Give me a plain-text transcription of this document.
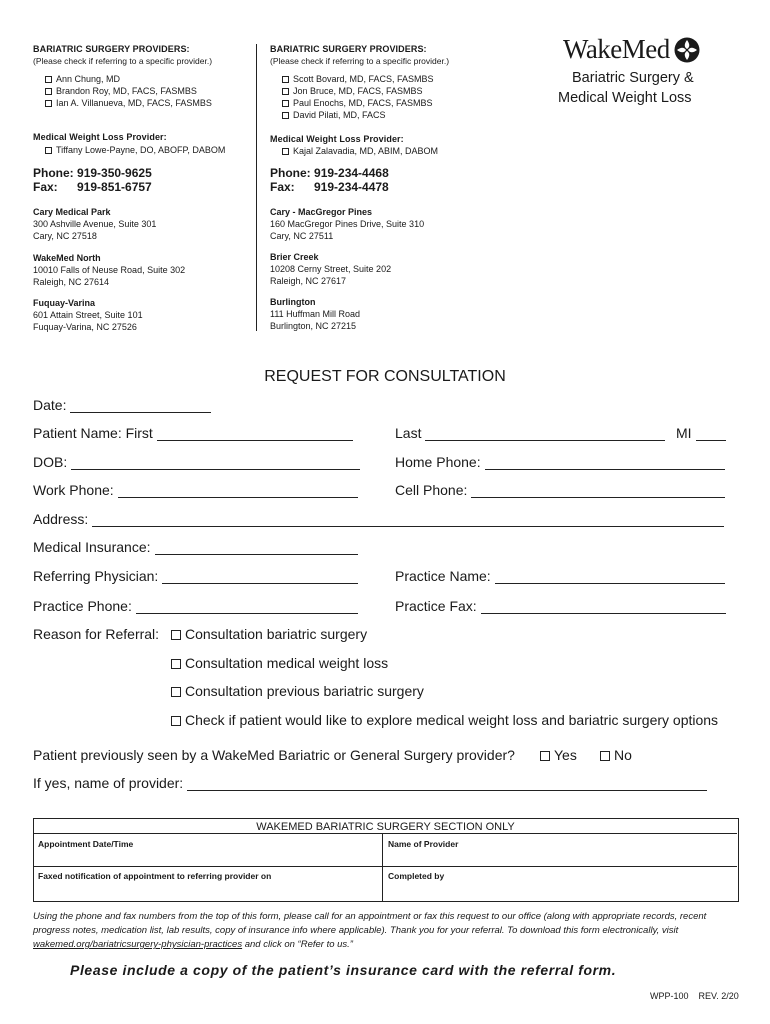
BARIATRIC SURGERY PROVIDERS:
(Please check if referring to a specific provider.)
Ann Chung, MD
Brandon Roy, MD, FACS, FASMBS
Ian A. Villanueva, MD, FACS, FASMBS
Medical Weight Loss Provider:
Tiffany Lowe-Payne, DO, ABOFP, DABOM
Phone: 919-350-9625
Fax: 919-851-6757
Cary Medical Park
300 Ashville Avenue, Suite 301
Cary, NC 27518
WakeMed North
10010 Falls of Neuse Road, Suite 302
Raleigh, NC 27614
Fuquay-Varina
601 Attain Street, Suite 101
Fuquay-Varina, NC 27526
BARIATRIC SURGERY PROVIDERS:
(Please check if referring to a specific provider.)
Scott Bovard, MD, FACS, FASMBS
Jon Bruce, MD, FACS, FASMBS
Paul Enochs, MD, FACS, FASMBS
David Pilati, MD, FACS
Medical Weight Loss Provider:
Kajal Zalavadia, MD, ABIM, DABOM
Phone: 919-234-4468
Fax: 919-234-4478
Cary - MacGregor Pines
160 MacGregor Pines Drive, Suite 310
Cary, NC 27511
Brier Creek
10208 Cerny Street, Suite 202
Raleigh, NC 27617
Burlington
111 Huffman Mill Road
Burlington, NC 27215
WakeMed
Bariatric Surgery &
Medical Weight Loss
REQUEST FOR CONSULTATION
Date:
Patient Name: First	Last	MI
DOB:	Home Phone:
Work Phone:	Cell Phone:
Address:
Medical Insurance:
Referring Physician:	Practice Name:
Practice Phone:	Practice Fax:
Reason for Referral:	Consultation bariatric surgery
Consultation medical weight loss
Consultation previous bariatric surgery
Check if patient would like to explore medical weight loss and bariatric surgery options
Patient previously seen by a WakeMed Bariatric or General Surgery provider?	Yes	No
If yes, name of provider:
WAKEMED BARIATRIC SURGERY SECTION ONLY
Appointment Date/Time	Name of Provider
Faxed notification of appointment to referring provider on	Completed by
Using the phone and fax numbers from the top of this form, please call for an appointment or fax this request to our office (along with appropriate records, recent progress notes, medication list, lab results, copy of insurance info where applicable). Thank you for your referral. To download this form electronically, visit wakemed.org/bariatricsurgery-physician-practices and click on “Refer to us.”
Please include a copy of the patient’s insurance card with the referral form.
WPP-100    REV. 2/20
